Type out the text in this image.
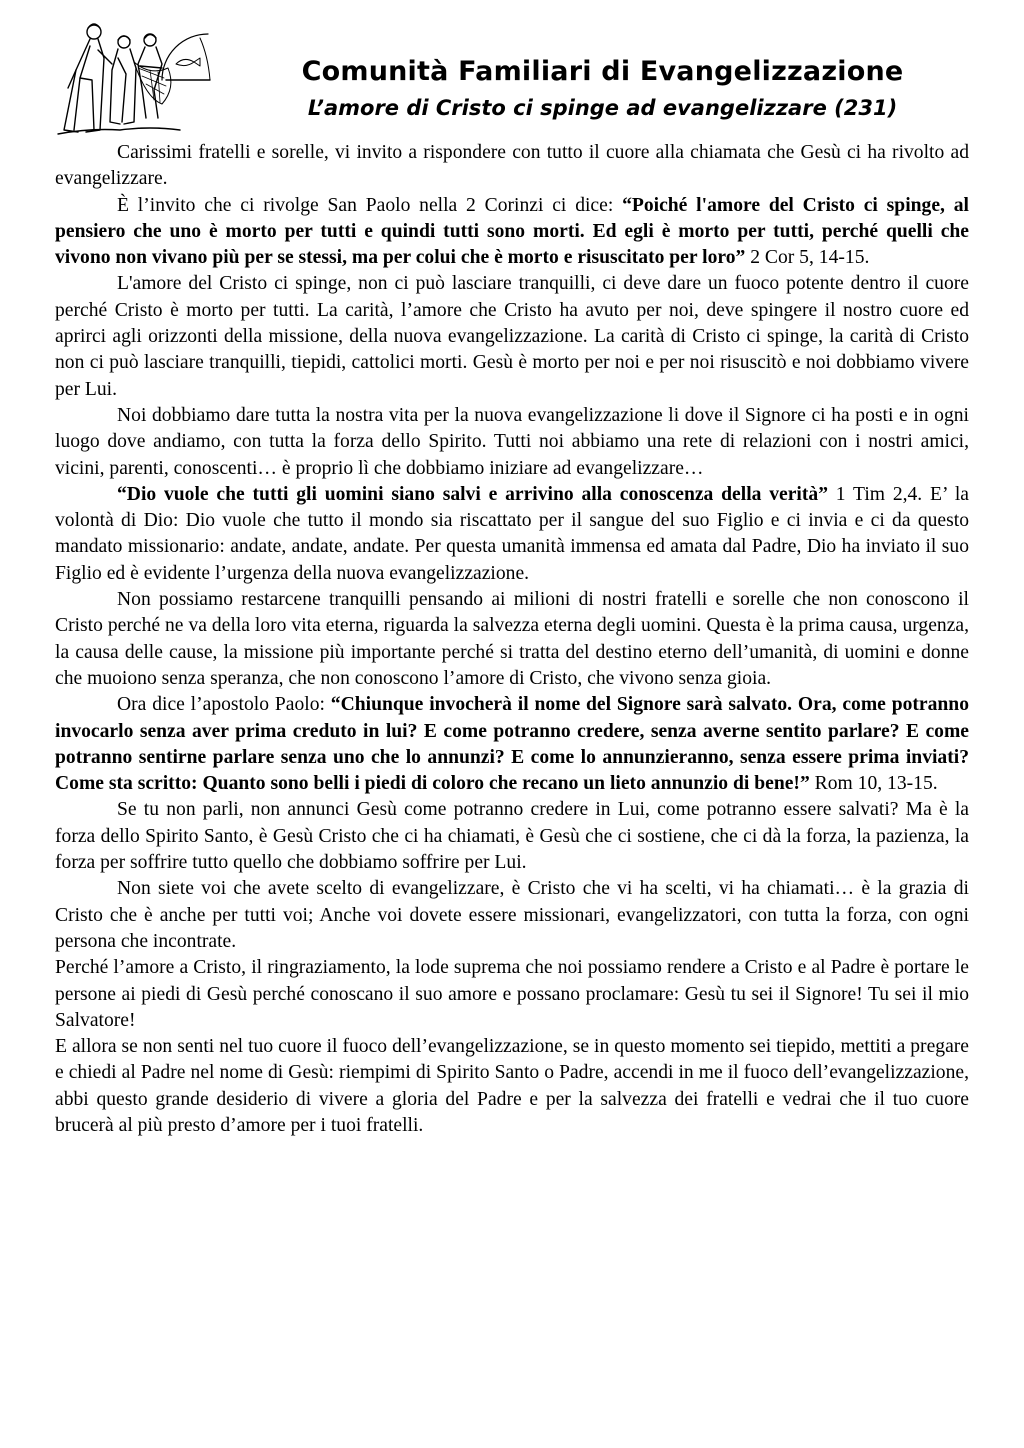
Comunità Familiari di Evangelizzazione
L’amore di Cristo ci spinge ad evangelizzare (231)

Carissimi fratelli e sorelle, vi invito a rispondere con tutto il cuore alla chiamata che Gesù ci ha rivolto ad evangelizzare.

È l’invito che ci rivolge San Paolo nella 2 Corinzi ci dice: “Poiché l'amore del Cristo ci spinge, al pensiero che uno è morto per tutti e quindi tutti sono morti. Ed egli è morto per tutti, perché quelli che vivono non vivano più per se stessi, ma per colui che è morto e risuscitato per loro” 2 Cor 5, 14-15.

L'amore del Cristo ci spinge, non ci può lasciare tranquilli, ci deve dare un fuoco potente dentro il cuore perché Cristo è morto per tutti. La carità, l’amore che Cristo ha avuto per noi, deve spingere il nostro cuore ed aprirci agli orizzonti della missione, della nuova evangelizzazione. La carità di Cristo ci spinge, la carità di Cristo non ci può lasciare tranquilli, tiepidi, cattolici morti. Gesù è morto per noi e per noi risuscitò e noi dobbiamo vivere per Lui.

Noi dobbiamo dare tutta la nostra vita per la nuova evangelizzazione li dove il Signore ci ha posti e in ogni luogo dove andiamo, con tutta la forza dello Spirito. Tutti noi abbiamo una rete di relazioni con i nostri amici, vicini, parenti, conoscenti… è proprio lì che dobbiamo iniziare ad evangelizzare…

“Dio vuole che tutti gli uomini siano salvi e arrivino alla conoscenza della verità” 1 Tim 2,4. E’ la volontà di Dio: Dio vuole che tutto il mondo sia riscattato per il sangue del suo Figlio e ci invia e ci da questo mandato missionario: andate, andate, andate. Per questa umanità immensa ed amata dal Padre, Dio ha inviato il suo Figlio ed è evidente l’urgenza della nuova evangelizzazione.

Non possiamo restarcene tranquilli pensando ai milioni di nostri fratelli e sorelle che non conoscono il Cristo perché ne va della loro vita eterna, riguarda la salvezza eterna degli uomini. Questa è la prima causa, urgenza, la causa delle cause, la missione più importante perché si tratta del destino eterno dell’umanità, di uomini e donne che muoiono senza speranza, che non conoscono l’amore di Cristo, che vivono senza gioia.

Ora dice l’apostolo Paolo: “Chiunque invocherà il nome del Signore sarà salvato. Ora, come potranno invocarlo senza aver prima creduto in lui? E come potranno credere, senza averne sentito parlare? E come potranno sentirne parlare senza uno che lo annunzi? E come lo annunzieranno, senza essere prima inviati? Come sta scritto: Quanto sono belli i piedi di coloro che recano un lieto annunzio di bene!” Rom 10, 13-15.

Se tu non parli, non annunci Gesù come potranno credere in Lui, come potranno essere salvati? Ma è la forza dello Spirito Santo, è Gesù Cristo che ci ha chiamati, è Gesù che ci sostiene, che ci dà la forza, la pazienza, la forza per soffrire tutto quello che dobbiamo soffrire per Lui.

Non siete voi che avete scelto di evangelizzare, è Cristo che vi ha scelti, vi ha chiamati… è la grazia di Cristo che è anche per tutti voi; Anche voi dovete essere missionari, evangelizzatori, con tutta la forza, con ogni persona che incontrate.

Perché l’amore a Cristo, il ringraziamento, la lode suprema che noi possiamo rendere a Cristo e al Padre è portare le persone ai piedi di Gesù perché conoscano il suo amore e possano proclamare: Gesù tu sei il Signore! Tu sei il mio Salvatore!

E allora se non senti nel tuo cuore il fuoco dell’evangelizzazione, se in questo momento sei tiepido, mettiti a pregare e chiedi al Padre nel nome di Gesù: riempimi di Spirito Santo o Padre, accendi in me il fuoco dell’evangelizzazione, abbi questo grande desiderio di vivere a gloria del Padre e per la salvezza dei fratelli e vedrai che il tuo cuore brucerà al più presto d’amore per i tuoi fratelli.
